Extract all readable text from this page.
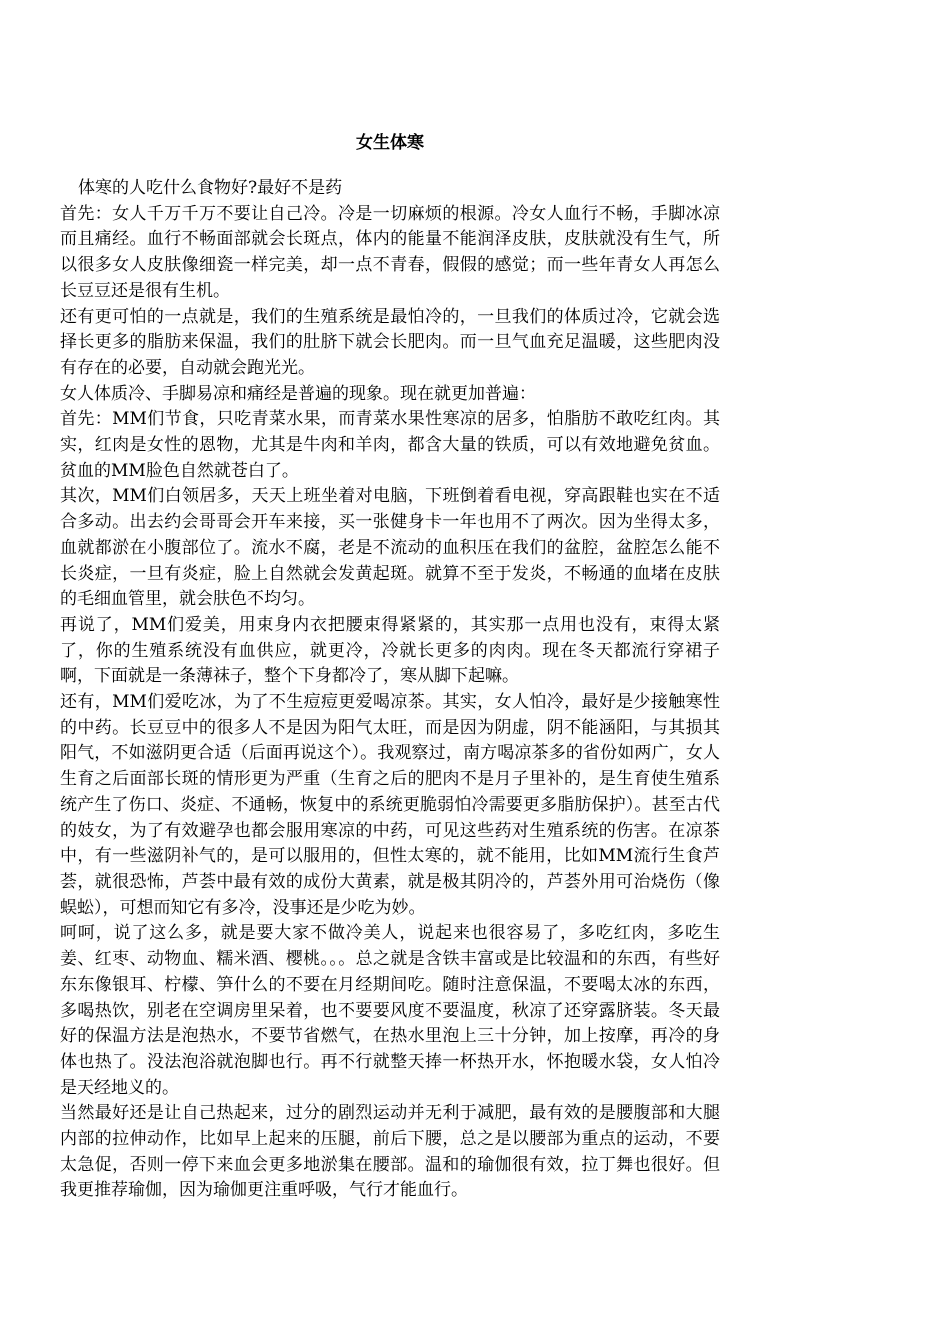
女生体寒

体寒的人吃什么食物好?最好不是药

首先：女人千万千万不要让自己冷。冷是一切麻烦的根源。冷女人血行不畅，手脚冰凉而且痛经。血行不畅面部就会长斑点，体内的能量不能润泽皮肤，皮肤就没有生气，所以很多女人皮肤像细瓷一样完美，却一点不青春，假假的感觉；而一些年青女人再怎么长豆豆还是很有生机。

还有更可怕的一点就是，我们的生殖系统是最怕冷的，一旦我们的体质过冷，它就会选择长更多的脂肪来保温，我们的肚脐下就会长肥肉。而一旦气血充足温暖，这些肥肉没有存在的必要，自动就会跑光光。

女人体质冷、手脚易凉和痛经是普遍的现象。现在就更加普遍：

首先：MM们节食，只吃青菜水果，而青菜水果性寒凉的居多，怕脂肪不敢吃红肉。其实，红肉是女性的恩物，尤其是牛肉和羊肉，都含大量的铁质，可以有效地避免贫血。贫血的MM脸色自然就苍白了。

其次，MM们白领居多，天天上班坐着对电脑，下班倒着看电视，穿高跟鞋也实在不适合多动。出去约会哥哥会开车来接，买一张健身卡一年也用不了两次。因为坐得太多，血就都淤在小腹部位了。流水不腐，老是不流动的血积压在我们的盆腔，盆腔怎么能不长炎症，一旦有炎症，脸上自然就会发黄起斑。就算不至于发炎，不畅通的血堵在皮肤的毛细血管里，就会肤色不均匀。

再说了，MM们爱美，用束身内衣把腰束得紧紧的，其实那一点用也没有，束得太紧了，你的生殖系统没有血供应，就更冷，冷就长更多的肉肉。现在冬天都流行穿裙子啊，下面就是一条薄袜子，整个下身都冷了，寒从脚下起嘛。

还有，MM们爱吃冰，为了不生痘痘更爱喝凉茶。其实，女人怕冷，最好是少接触寒性的中药。长豆豆中的很多人不是因为阳气太旺，而是因为阴虚，阴不能涵阳，与其损其阳气，不如滋阴更合适（后面再说这个）。我观察过，南方喝凉茶多的省份如两广，女人生育之后面部长斑的情形更为严重（生育之后的肥肉不是月子里补的，是生育使生殖系统产生了伤口、炎症、不通畅，恢复中的系统更脆弱怕冷需要更多脂肪保护）。甚至古代的妓女，为了有效避孕也都会服用寒凉的中药，可见这些药对生殖系统的伤害。在凉茶中，有一些滋阴补气的，是可以服用的，但性太寒的，就不能用，比如MM流行生食芦荟，就很恐怖，芦荟中最有效的成份大黄素，就是极其阴冷的，芦荟外用可治烧伤（像蜈蚣），可想而知它有多冷，没事还是少吃为妙。

呵呵，说了这么多，就是要大家不做冷美人，说起来也很容易了，多吃红肉，多吃生姜、红枣、动物血、糯米酒、樱桃。。。总之就是含铁丰富或是比较温和的东西，有些好东东像银耳、柠檬、笋什么的不要在月经期间吃。随时注意保温，不要喝太冰的东西，多喝热饮，别老在空调房里呆着，也不要要风度不要温度，秋凉了还穿露脐装。冬天最好的保温方法是泡热水，不要节省燃气，在热水里泡上三十分钟，加上按摩，再冷的身体也热了。没法泡浴就泡脚也行。再不行就整天捧一杯热开水，怀抱暖水袋，女人怕冷是天经地义的。

当然最好还是让自己热起来，过分的剧烈运动并无利于减肥，最有效的是腰腹部和大腿内部的拉伸动作，比如早上起来的压腿，前后下腰，总之是以腰部为重点的运动，不要太急促，否则一停下来血会更多地淤集在腰部。温和的瑜伽很有效，拉丁舞也很好。但我更推荐瑜伽，因为瑜伽更注重呼吸，气行才能血行。
